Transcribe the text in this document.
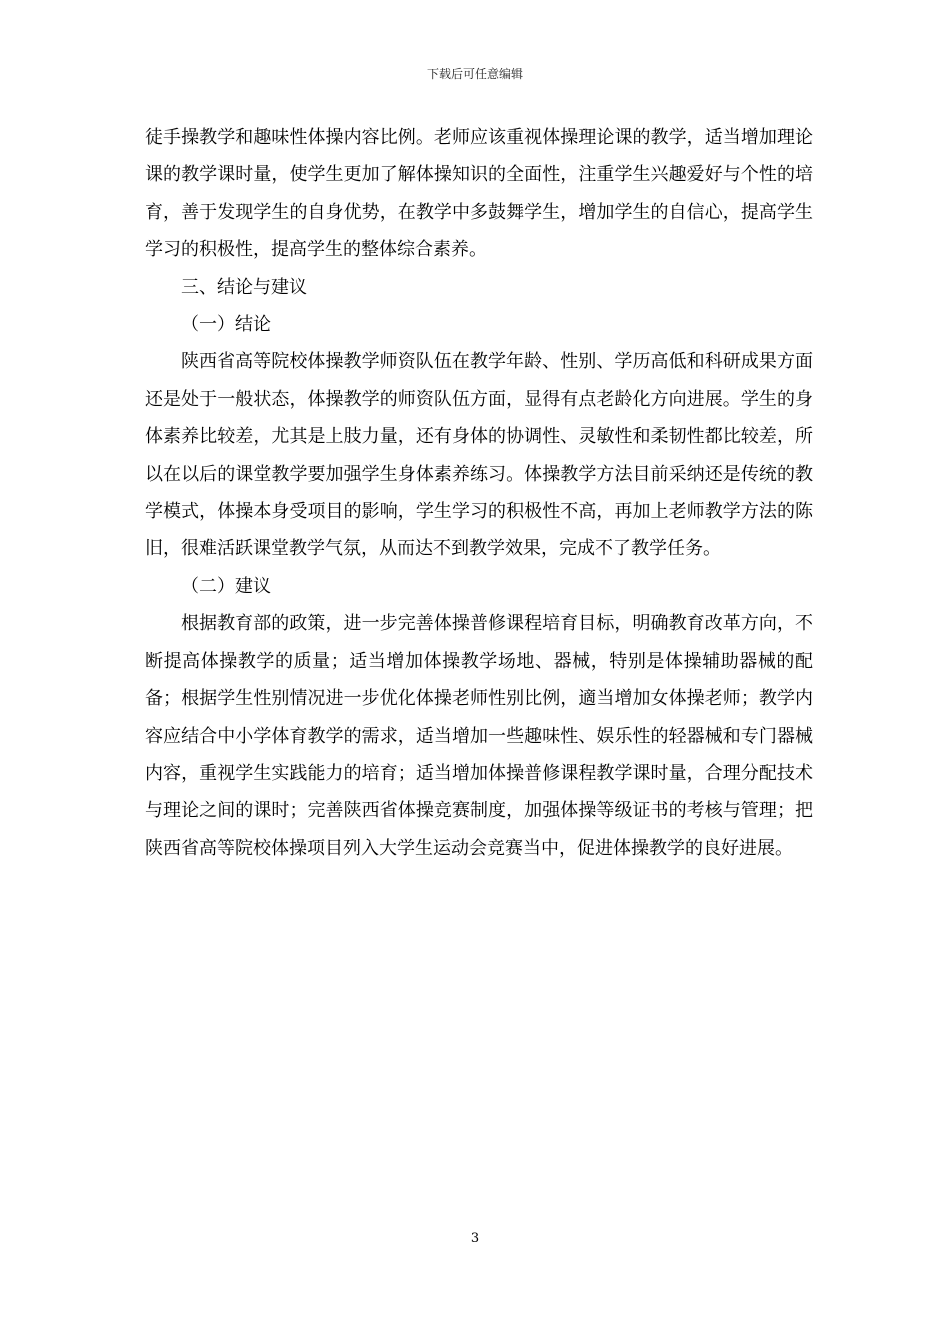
下载后可任意编辑

徒手操教学和趣味性体操内容比例。老师应该重视体操理论课的教学，适当增加理论课的教学课时量，使学生更加了解体操知识的全面性，注重学生兴趣爱好与个性的培育，善于发现学生的自身优势，在教学中多鼓舞学生，增加学生的自信心，提高学生学习的积极性，提高学生的整体综合素养。

三、结论与建议

（一）结论

陕西省高等院校体操教学师资队伍在教学年龄、性别、学历高低和科研成果方面还是处于一般状态，体操教学的师资队伍方面，显得有点老龄化方向进展。学生的身体素养比较差，尤其是上肢力量，还有身体的协调性、灵敏性和柔韧性都比较差，所以在以后的课堂教学要加强学生身体素养练习。体操教学方法目前采纳还是传统的教学模式，体操本身受项目的影响，学生学习的积极性不高，再加上老师教学方法的陈旧，很难活跃课堂教学气氛，从而达不到教学效果，完成不了教学任务。

（二）建议

根据教育部的政策，进一步完善体操普修课程培育目标，明确教育改革方向，不断提高体操教学的质量；适当增加体操教学场地、器械，特别是体操辅助器械的配备；根据学生性别情况进一步优化体操老师性别比例，適当增加女体操老师；教学内容应结合中小学体育教学的需求，适当增加一些趣味性、娱乐性的轻器械和专门器械内容，重视学生实践能力的培育；适当增加体操普修课程教学课时量，合理分配技术与理论之间的课时；完善陕西省体操竞赛制度，加强体操等级证书的考核与管理；把陕西省高等院校体操项目列入大学生运动会竞赛当中，促进体操教学的良好进展。

3
